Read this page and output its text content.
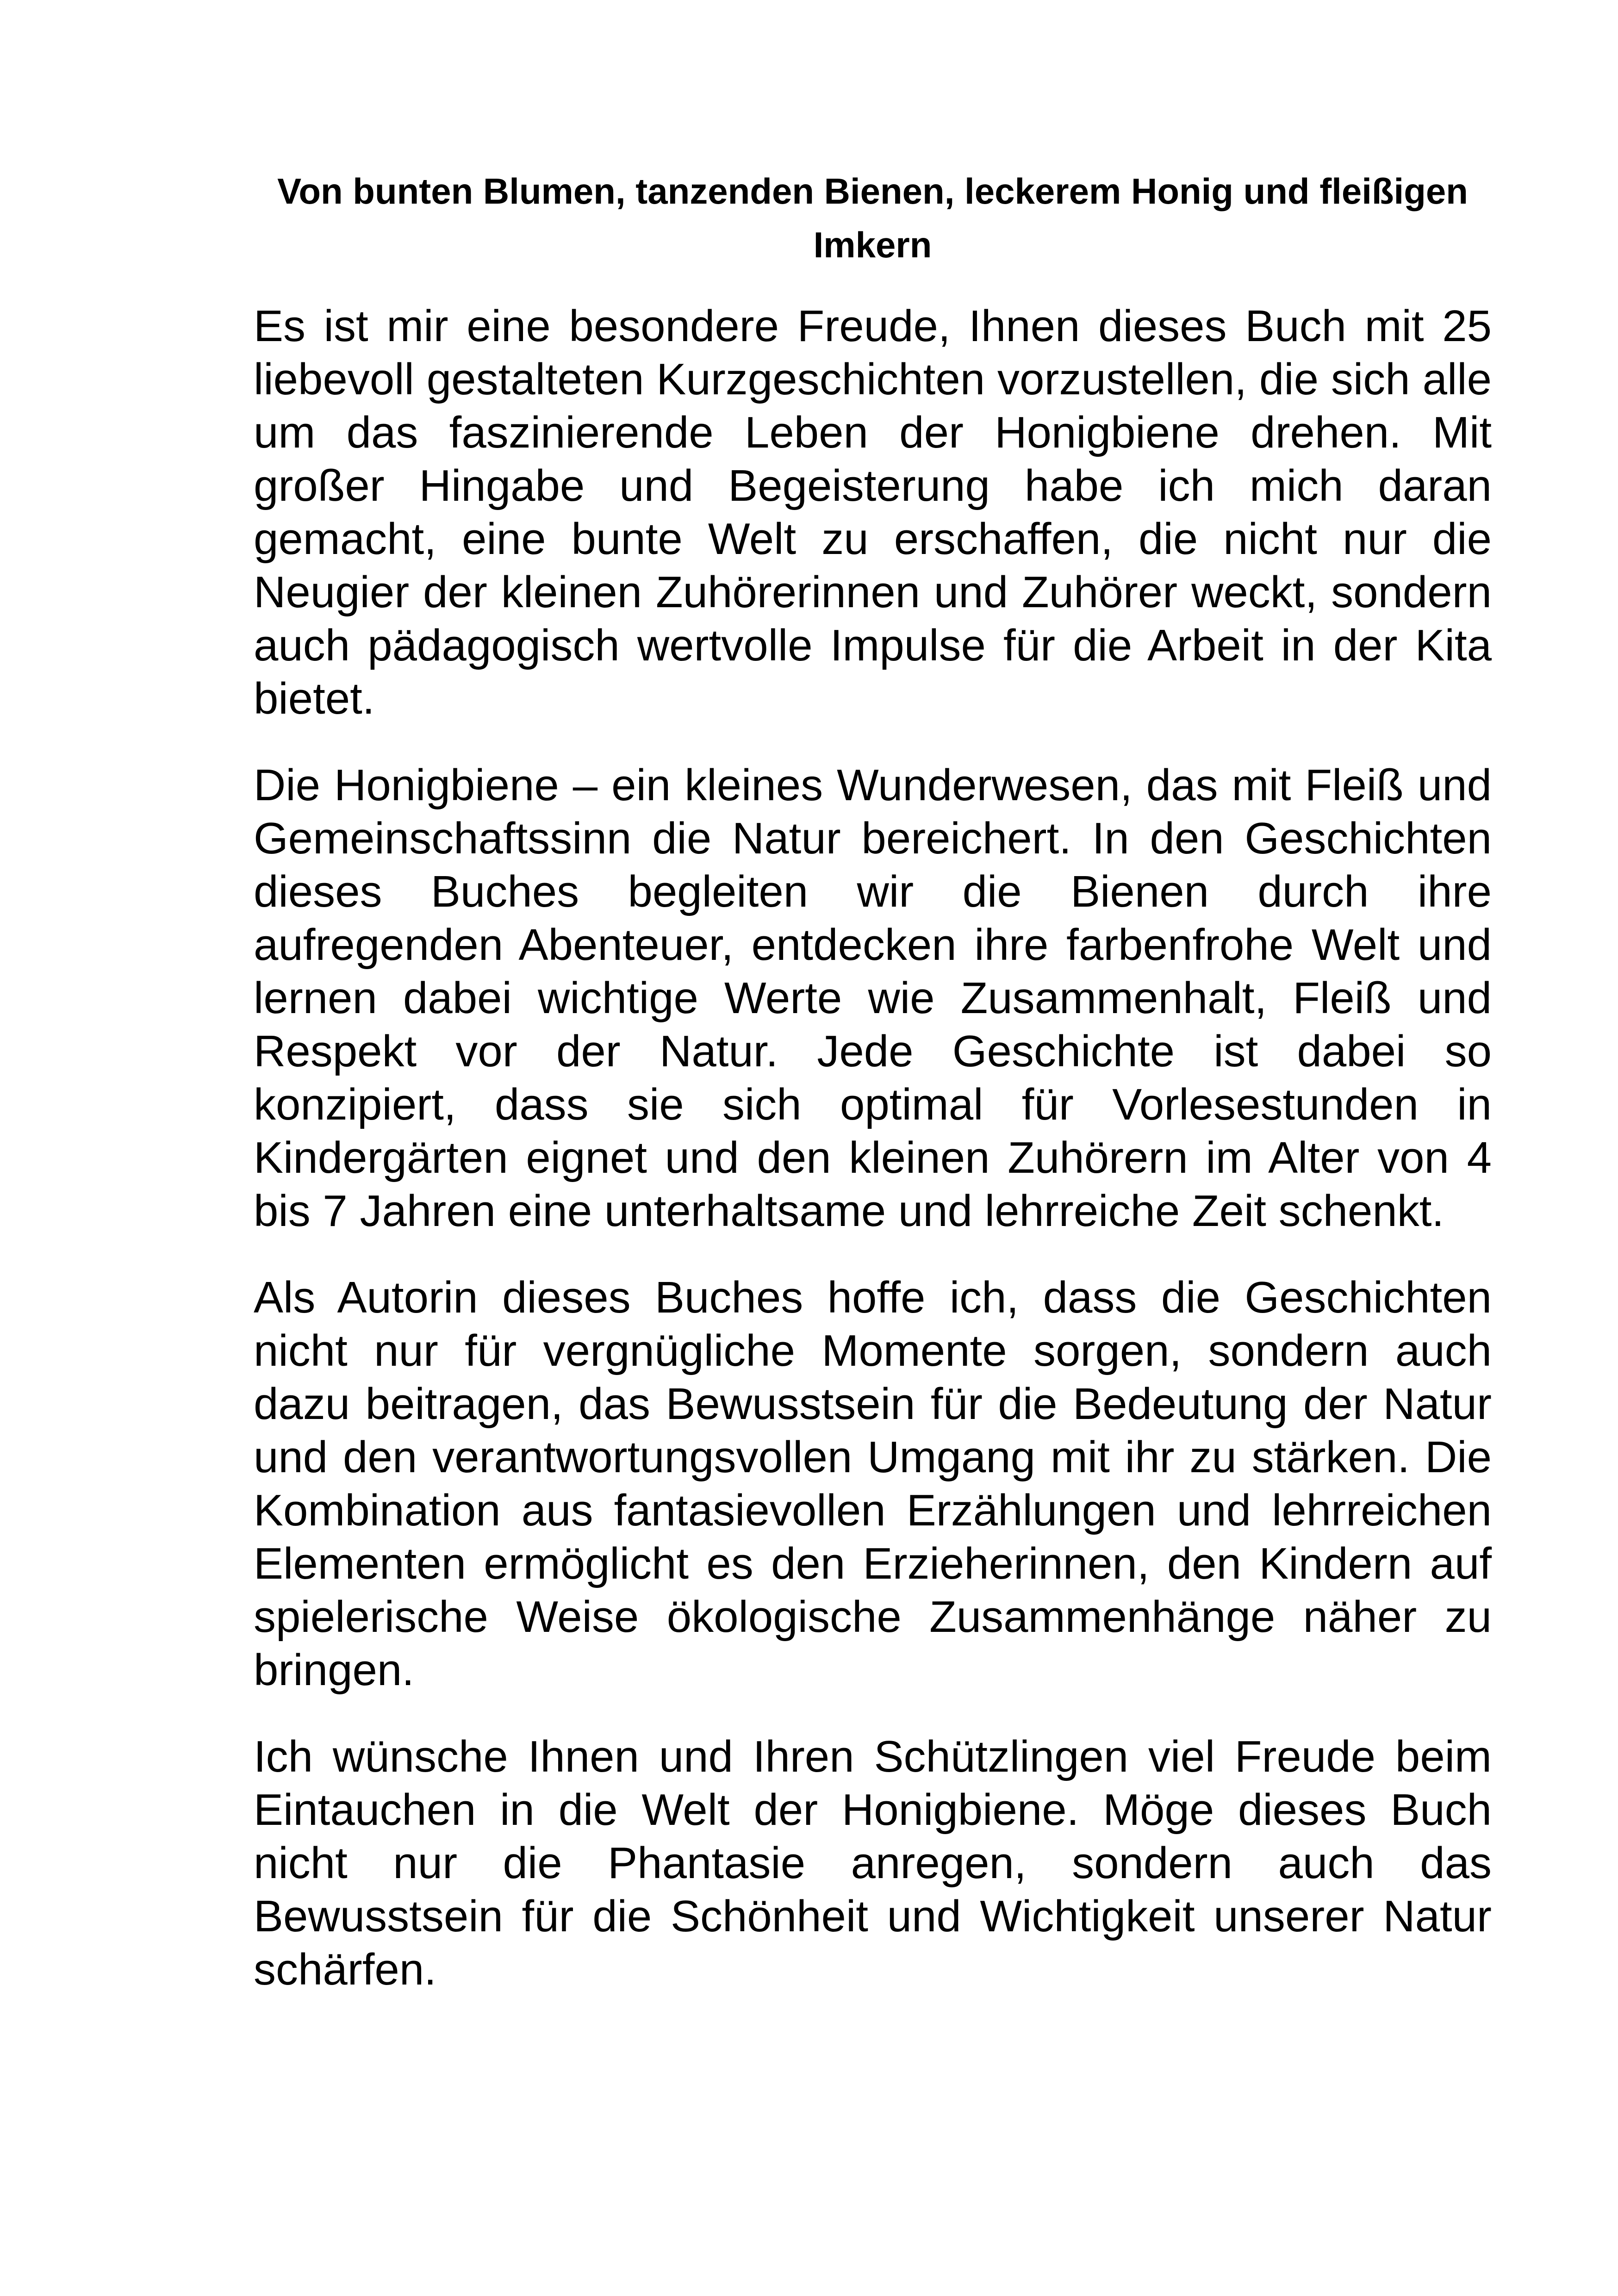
Von bunten Blumen, tanzenden Bienen, leckerem Honig und fleißigen Imkern

Es ist mir eine besondere Freude, Ihnen dieses Buch mit 25 liebevoll gestalteten Kurzgeschichten vorzustellen, die sich alle um das faszinierende Leben der Honigbiene drehen. Mit großer Hingabe und Begeisterung habe ich mich daran gemacht, eine bunte Welt zu erschaffen, die nicht nur die Neugier der kleinen Zuhörerinnen und Zuhörer weckt, sondern auch pädagogisch wertvolle Impulse für die Arbeit in der Kita bietet.

Die Honigbiene – ein kleines Wunderwesen, das mit Fleiß und Gemeinschaftssinn die Natur bereichert. In den Geschichten dieses Buches begleiten wir die Bienen durch ihre aufregenden Abenteuer, entdecken ihre farbenfrohe Welt und lernen dabei wichtige Werte wie Zusammenhalt, Fleiß und Respekt vor der Natur. Jede Geschichte ist dabei so konzipiert, dass sie sich optimal für Vorlesestunden in Kindergärten eignet und den kleinen Zuhörern im Alter von 4 bis 7 Jahren eine unterhaltsame und lehrreiche Zeit schenkt.

Als Autorin dieses Buches hoffe ich, dass die Geschichten nicht nur für vergnügliche Momente sorgen, sondern auch dazu beitragen, das Bewusstsein für die Bedeutung der Natur und den verantwortungsvollen Umgang mit ihr zu stärken. Die Kombination aus fantasievollen Erzählungen und lehrreichen Elementen ermöglicht es den Erzieherinnen, den Kindern auf spielerische Weise ökologische Zusammenhänge näher zu bringen.

Ich wünsche Ihnen und Ihren Schützlingen viel Freude beim Eintauchen in die Welt der Honigbiene. Möge dieses Buch nicht nur die Phantasie anregen, sondern auch das Bewusstsein für die Schönheit und Wichtigkeit unserer Natur schärfen.
